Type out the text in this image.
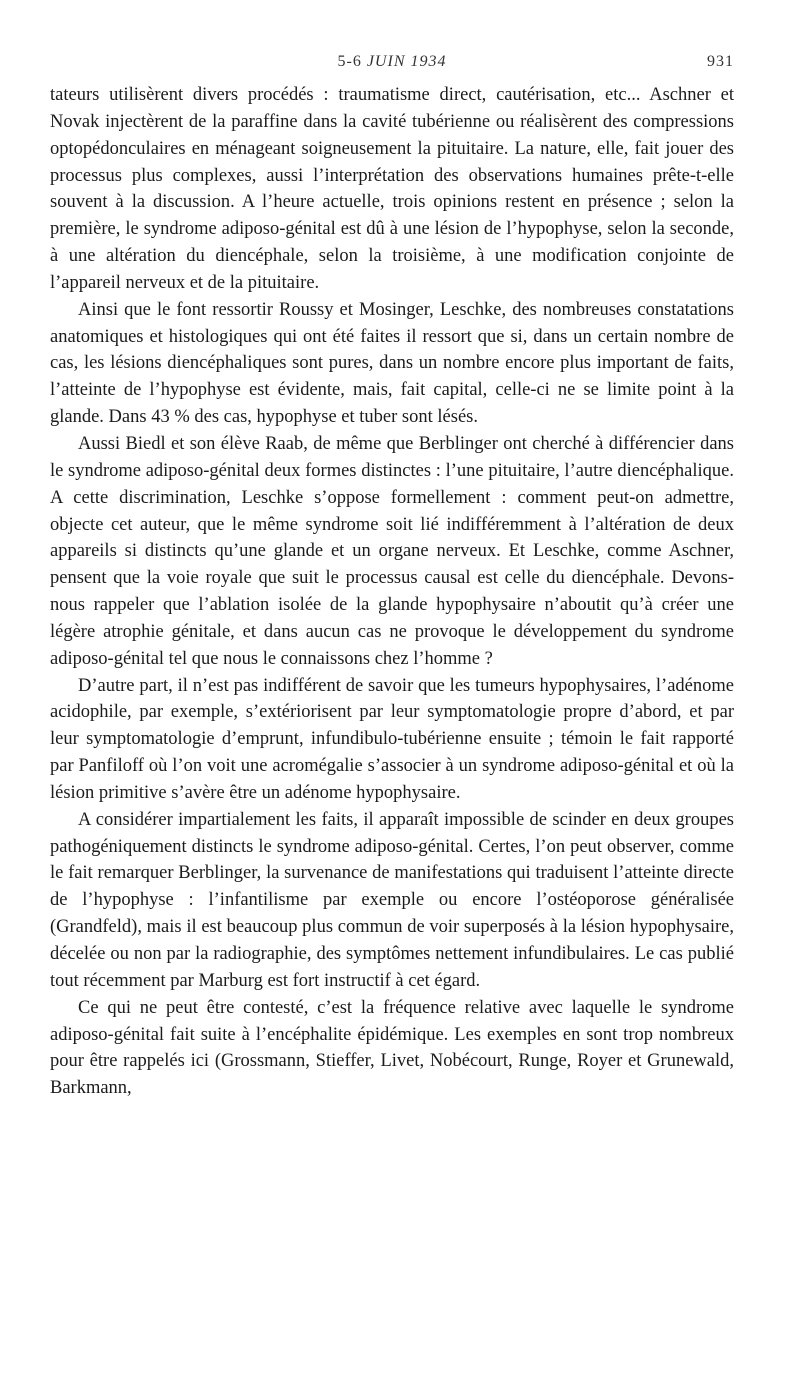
5-6 JUIN 1934	931

tateurs utilisèrent divers procédés : traumatisme direct, cautérisation, etc... Aschner et Novak injectèrent de la paraffine dans la cavité tubérienne ou réalisèrent des compressions optopédonculaires en ménageant soigneusement la pituitaire. La nature, elle, fait jouer des processus plus complexes, aussi l’interprétation des observations humaines prête-t-elle souvent à la discussion. A l’heure actuelle, trois opinions restent en présence ; selon la première, le syndrome adiposo-génital est dû à une lésion de l’hypophyse, selon la seconde, à une altération du diencéphale, selon la troisième, à une modification conjointe de l’appareil nerveux et de la pituitaire.

Ainsi que le font ressortir Roussy et Mosinger, Leschke, des nombreuses constatations anatomiques et histologiques qui ont été faites il ressort que si, dans un certain nombre de cas, les lésions diencéphaliques sont pures, dans un nombre encore plus important de faits, l’atteinte de l’hypophyse est évidente, mais, fait capital, celle-ci ne se limite point à la glande. Dans 43 % des cas, hypophyse et tuber sont lésés.

Aussi Biedl et son élève Raab, de même que Berblinger ont cherché à différencier dans le syndrome adiposo-génital deux formes distinctes : l’une pituitaire, l’autre diencéphalique. A cette discrimination, Leschke s’oppose formellement : comment peut-on admettre, objecte cet auteur, que le même syndrome soit lié indifféremment à l’altération de deux appareils si distincts qu’une glande et un organe nerveux. Et Leschke, comme Aschner, pensent que la voie royale que suit le processus causal est celle du diencéphale. Devons-nous rappeler que l’ablation isolée de la glande hypophysaire n’aboutit qu’à créer une légère atrophie génitale, et dans aucun cas ne provoque le développement du syndrome adiposo-génital tel que nous le connaissons chez l’homme ?

D’autre part, il n’est pas indifférent de savoir que les tumeurs hypophysaires, l’adénome acidophile, par exemple, s’extériorisent par leur symptomatologie propre d’abord, et par leur symptomatologie d’emprunt, infundibulo-tubérienne ensuite ; témoin le fait rapporté par Panfiloff où l’on voit une acromégalie s’associer à un syndrome adiposo-génital et où la lésion primitive s’avère être un adénome hypophysaire.

A considérer impartialement les faits, il apparaît impossible de scinder en deux groupes pathogéniquement distincts le syndrome adiposo-génital. Certes, l’on peut observer, comme le fait remarquer Berblinger, la survenance de manifestations qui traduisent l’atteinte directe de l’hypophyse : l’infantilisme par exemple ou encore l’ostéoporose généralisée (Grandfeld), mais il est beaucoup plus commun de voir superposés à la lésion hypophysaire, décelée ou non par la radiographie, des symptômes nettement infundibulaires. Le cas publié tout récemment par Marburg est fort instructif à cet égard.

Ce qui ne peut être contesté, c’est la fréquence relative avec laquelle le syndrome adiposo-génital fait suite à l’encéphalite épidémique. Les exemples en sont trop nombreux pour être rappelés ici (Grossmann, Stieffer, Livet, Nobécourt, Runge, Royer et Grunewald, Barkmann,
